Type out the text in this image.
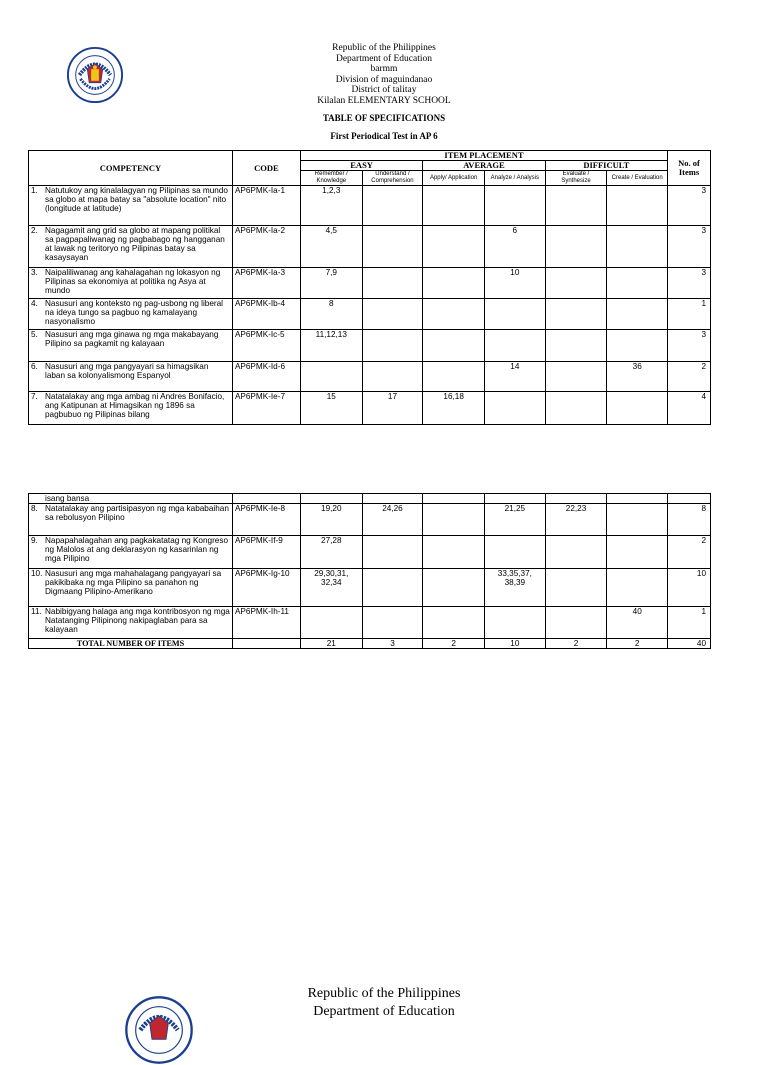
Republic of the Philippines
Department of Education
barmm
Division of maguindanao
District of talitay
Kilalan ELEMENTARY SCHOOL
TABLE OF SPECIFICATIONS
First Periodical Test in AP 6
COMPETENCY	CODE	ITEM PLACEMENT						No. of Items
		EASY		AVERAGE		DIFFICULT		
		Remember / Knowledge	Understand / Comprehension	Apply/ Application	Analyze / Analysis	Evaluate / Synthesize	Create / Evaluation	

1. Natutukoy ang kinalalagyan ng Pilipinas sa mundo sa globo at mapa batay sa "absolute location" nito (longitude at latitude)	AP6PMK-Ia-1	1,2,3						3

2. Nagagamit ang grid sa globo at mapang politikal sa pagpapaliwanag ng pagbabago ng hangganan at lawak ng teritoryo ng Pilipinas batay sa kasaysayan	AP6PMK-Ia-2	4,5			6			3

3. Naipaliliwanag ang kahalagahan ng lokasyon ng Pilipinas sa ekonomiya at politika ng Asya at mundo	AP6PMK-Ia-3	7,9			10			3

4. Nasusuri ang konteksto ng pag-usbong ng liberal na ideya tungo sa pagbuo ng kamalayang nasyonalismo	AP6PMK-Ib-4	8						1

5. Nasusuri ang mga ginawa ng mga makabayang Pilipino sa pagkamit ng kalayaan	AP6PMK-Ic-5	11,12,13						3

6. Nasusuri ang mga pangyayari sa himagsikan laban sa kolonyalismong Espanyol	AP6PMK-Id-6				14		36	2

7. Natatalakay ang mga ambag ni Andres Bonifacio, ang Katipunan at Himagsikan ng 1896 sa pagbubuo ng Pilipinas bilang	AP6PMK-Ie-7	15	17	16,18				4
isang bansa								

8. Natatalakay ang partisipasyon ng mga kababaihan sa rebolusyon Pilipino	AP6PMK-Ie-8	19,20	24,26		21,25	22,23		8

9. Napapahalagahan ang pagkakatatag ng Kongreso ng Malolos at ang deklarasyon ng kasarinlan ng mga Pilipino	AP6PMK-If-9	27,28						2

10. Nasusuri ang mga mahahalagang pangyayari sa pakikibaka ng mga Pilipino sa panahon ng Digmaang Pilipino-Amerikano	AP6PMK-Ig-10	29,30,31, 32,34			33,35,37, 38,39			10

11. Nabibigyang halaga ang mga kontribosyon ng mga Natatanging Pilipinong nakipaglaban para sa kalayaan	AP6PMK-Ih-11						40	1
TOTAL NUMBER OF ITEMS		21	3	2	10	2	2	40
Republic of the Philippines
Department of Education
